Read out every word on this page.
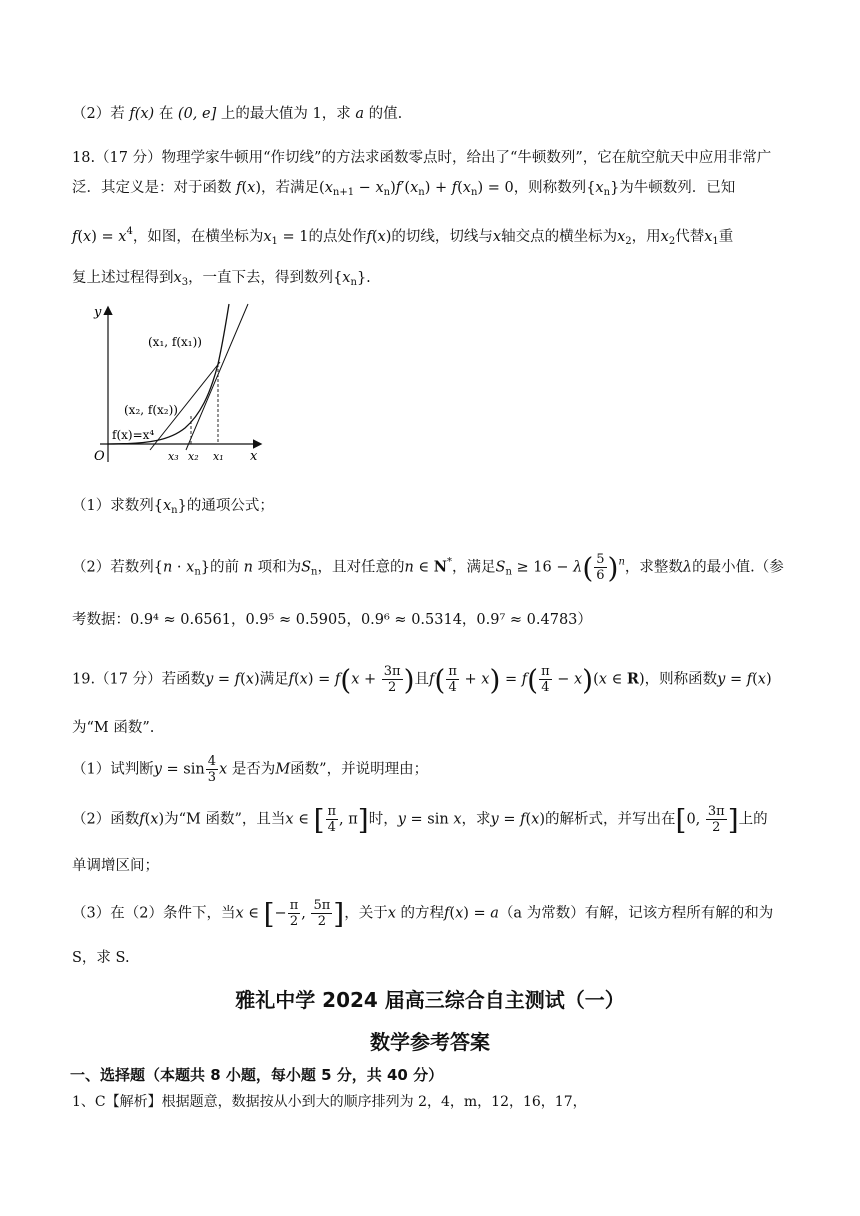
（2）若 f(x) 在 (0, e] 上的最大值为 1，求 a 的值.
18.（17 分）物理学家牛顿用“作切线”的方法求函数零点时，给出了“牛顿数列”，它在航空航天中应用非常广
泛．其定义是：对于函数 f(x)，若满足$(x_{n+1} - x_n)f'(x_n) + f(x_n) = 0$，则称数列$\{x_n\}$为牛顿数列．已知
$f(x) = x^4$，如图，在横坐标为$x_1 = 1$的点处作f(x)的切线，切线与x轴交点的横坐标为$x_2$，用$x_2$代替$x_1$重
复上述过程得到$x_3$，一直下去，得到数列$\{x_n\}$.
y
x
O
(x₁, f(x₁))
(x₂, f(x₂))
f(x)=x⁴
x₃ x₂ x₁
（1）求数列$\{x_n\}$的通项公式；
（2）若数列$\{n \cdot x_n\}$的前 n 项和为$S_n$，且对任意的n ∈ N*，满足$S_n \ge 16 - \lambda( \frac{5}{6} )^n$，求整数λ的最小值.（参
考数据：0.9⁴ ≈ 0.6561，0.9⁵ ≈ 0.5905，0.9⁶ ≈ 0.5314，0.9⁷ ≈ 0.4783）
19.（17 分）若函数y = f(x)满足$f(x) = f(x + \frac{3\pi}{2}$ )且$f( \frac{\pi}{4} + x) = f( \frac{\pi}{4} - x)(x$ ∈ R)，则称函数y = f(x)
为“M 函数”.
（1）试判断$y = \sin \frac{4}{3}$ x 是否为M函数”，并说明理由；
（2）函数f(x)为“M 函数”，且当x ∈ [ $\frac{\pi}{4}$ , π]时，y = sin x，求y = f(x)的解析式，并写出在[0, $\frac{3\pi}{2}$ ]上的
单调增区间；
（3）在（2）条件下，当x ∈ [− $\frac{\pi}{2}$ , $\frac{5\pi}{2}$ ]，关于x 的方程f(x) = a（a 为常数）有解，记该方程所有解的和为
S，求 S.
雅礼中学 2024 届高三综合自主测试（一）
数学参考答案
一、选择题（本题共 8 小题，每小题 5 分，共 40 分）
1、C【解析】根据题意，数据按从小到大的顺序排列为 2，4，m，12，16，17，
